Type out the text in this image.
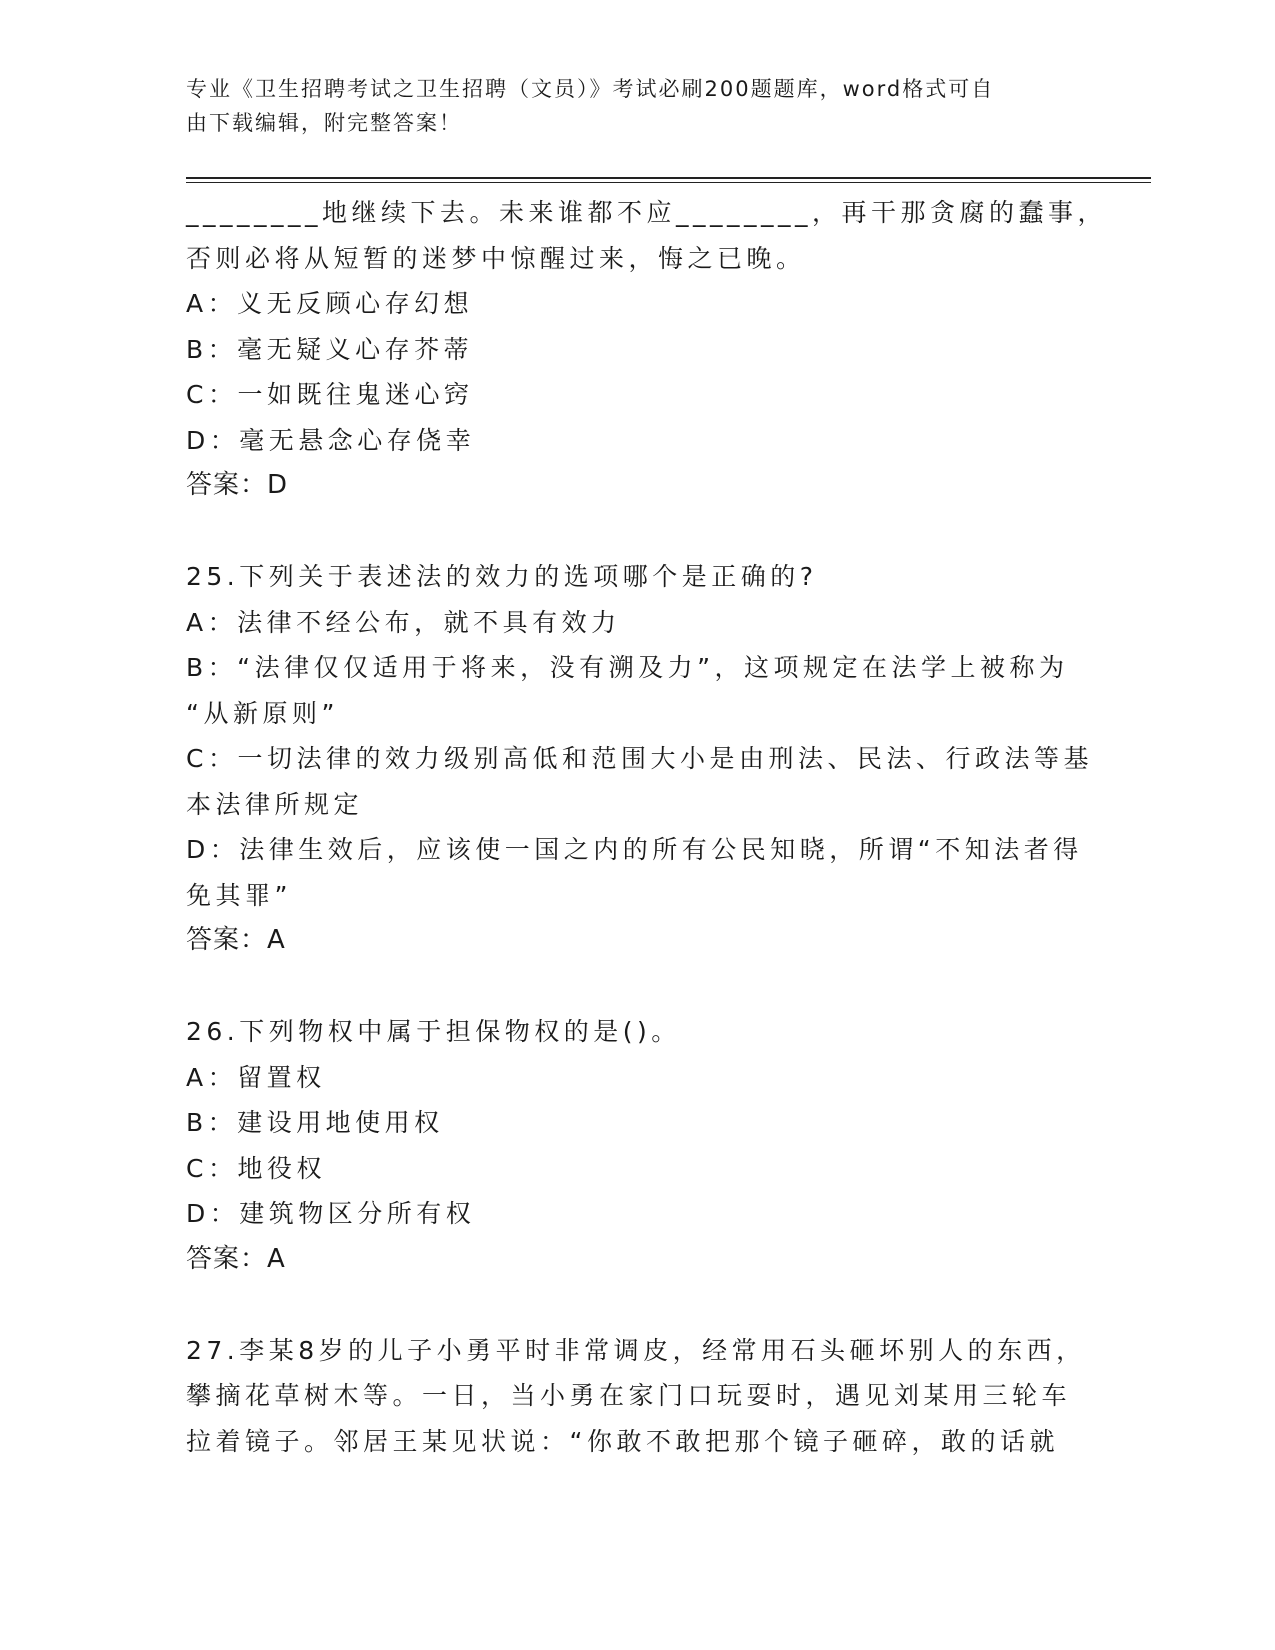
专业《卫生招聘考试之卫生招聘（文员）》考试必刷200题题库，word格式可自
由下载编辑，附完整答案！
________地继续下去。未来谁都不应________，再干那贪腐的蠢事，
否则必将从短暂的迷梦中惊醒过来，悔之已晚。
A：义无反顾心存幻想
B：毫无疑义心存芥蒂
C：一如既往鬼迷心窍
D：毫无悬念心存侥幸
答案：D
25.下列关于表述法的效力的选项哪个是正确的?
A：法律不经公布，就不具有效力
B：“法律仅仅适用于将来，没有溯及力”，这项规定在法学上被称为
“从新原则”
C：一切法律的效力级别高低和范围大小是由刑法、民法、行政法等基
本法律所规定
D：法律生效后，应该使一国之内的所有公民知晓，所谓“不知法者得
免其罪”
答案：A
26.下列物权中属于担保物权的是()。
A：留置权
B：建设用地使用权
C：地役权
D：建筑物区分所有权
答案：A
27.李某8岁的儿子小勇平时非常调皮，经常用石头砸坏别人的东西，
攀摘花草树木等。一日，当小勇在家门口玩耍时，遇见刘某用三轮车
拉着镜子。邻居王某见状说：“你敢不敢把那个镜子砸碎，敢的话就
